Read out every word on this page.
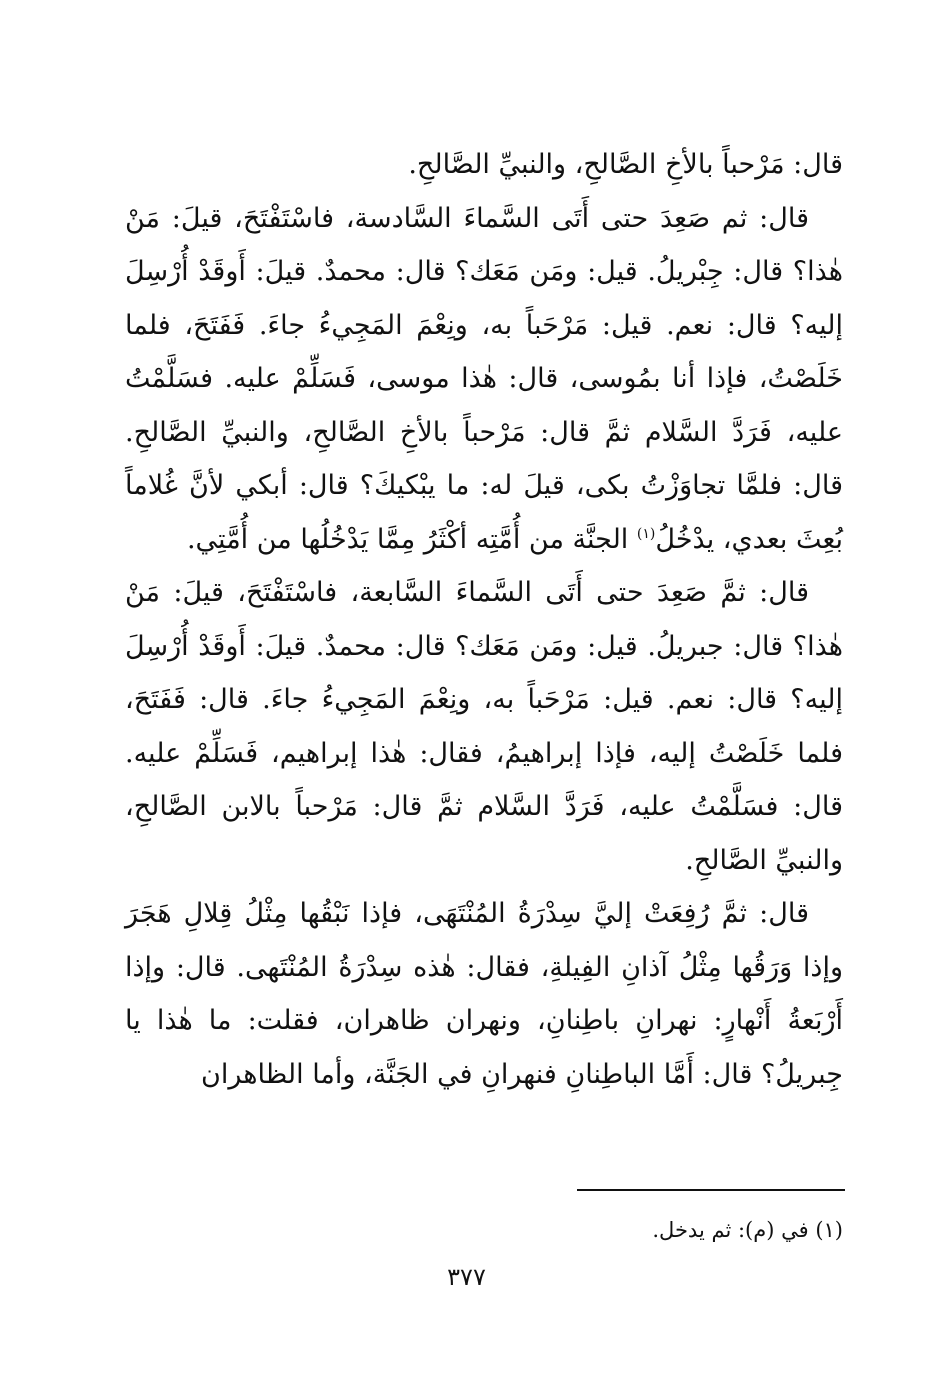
قال: مَرْحباً بالأخِ الصَّالحِ، والنبيِّ الصَّالحِ.

قال: ثم صَعِدَ حتى أَتَى السَّماءَ السَّادسة، فاسْتَفْتَحَ، قيلَ: مَنْ هٰذا؟ قال: جِبْريلُ. قيل: ومَن مَعَك؟ قال: محمدٌ. قيلَ: أَوقَدْ أُرْسِلَ إليه؟ قال: نعم. قيل: مَرْحَباً به، ونِعْمَ المَجِيءُ جاءَ. فَفَتَحَ، فلما خَلَصْتُ، فإذا أنا بمُوسى، قال: هٰذا موسى، فَسَلِّمْ عليه. فسَلَّمْتُ عليه، فَرَدَّ السَّلام ثمَّ قال: مَرْحباً بالأخِ الصَّالحِ، والنبيِّ الصَّالحِ. قال: فلمَّا تجاوَزْتُ بكى، قيلَ له: ما يبْكيكَ؟ قال: أبكي لأنَّ غُلاماً بُعِثَ بعدي، يدْخُلُ$^{(١)}$ الجنَّة من أُمَّتِه أكْثَرُ مِمَّا يَدْخُلُها من أُمَّتِي.

قال: ثمَّ صَعِدَ حتى أَتَى السَّماءَ السَّابعة، فاسْتَفْتَحَ، قيلَ: مَنْ هٰذا؟ قال: جبريلُ. قيل: ومَن مَعَك؟ قال: محمدٌ. قيلَ: أَوقَدْ أُرْسِلَ إليه؟ قال: نعم. قيل: مَرْحَباً به، ونِعْمَ المَجِيءُ جاءَ. قال: فَفَتَحَ، فلما خَلَصْتُ إليه، فإذا إبراهيمُ، فقال: هٰذا إبراهيم، فَسَلِّمْ عليه. قال: فسَلَّمْتُ عليه، فَرَدَّ السَّلام ثمَّ قال: مَرْحباً بالابن الصَّالحِ، والنبيِّ الصَّالحِ.

قال: ثمَّ رُفِعَتْ إليَّ سِدْرَةُ المُنْتَهَى، فإذا نَبْقُها مِثْلُ قِلالِ هَجَرَ وإذا وَرَقُها مِثْلُ آذانِ الفِيلةِ، فقال: هٰذه سِدْرَةُ المُنْتَهى. قال: وإذا أَرْبَعةُ أَنْهارٍ: نهرانِ باطِنانِ، ونهران ظاهران، فقلت: ما هٰذا يا جِبريلُ؟ قال: أَمَّا الباطِنانِ فنهرانِ في الجَنَّة، وأما الظاهران

(١) في (م): ثم يدخل.
٣٧٧
